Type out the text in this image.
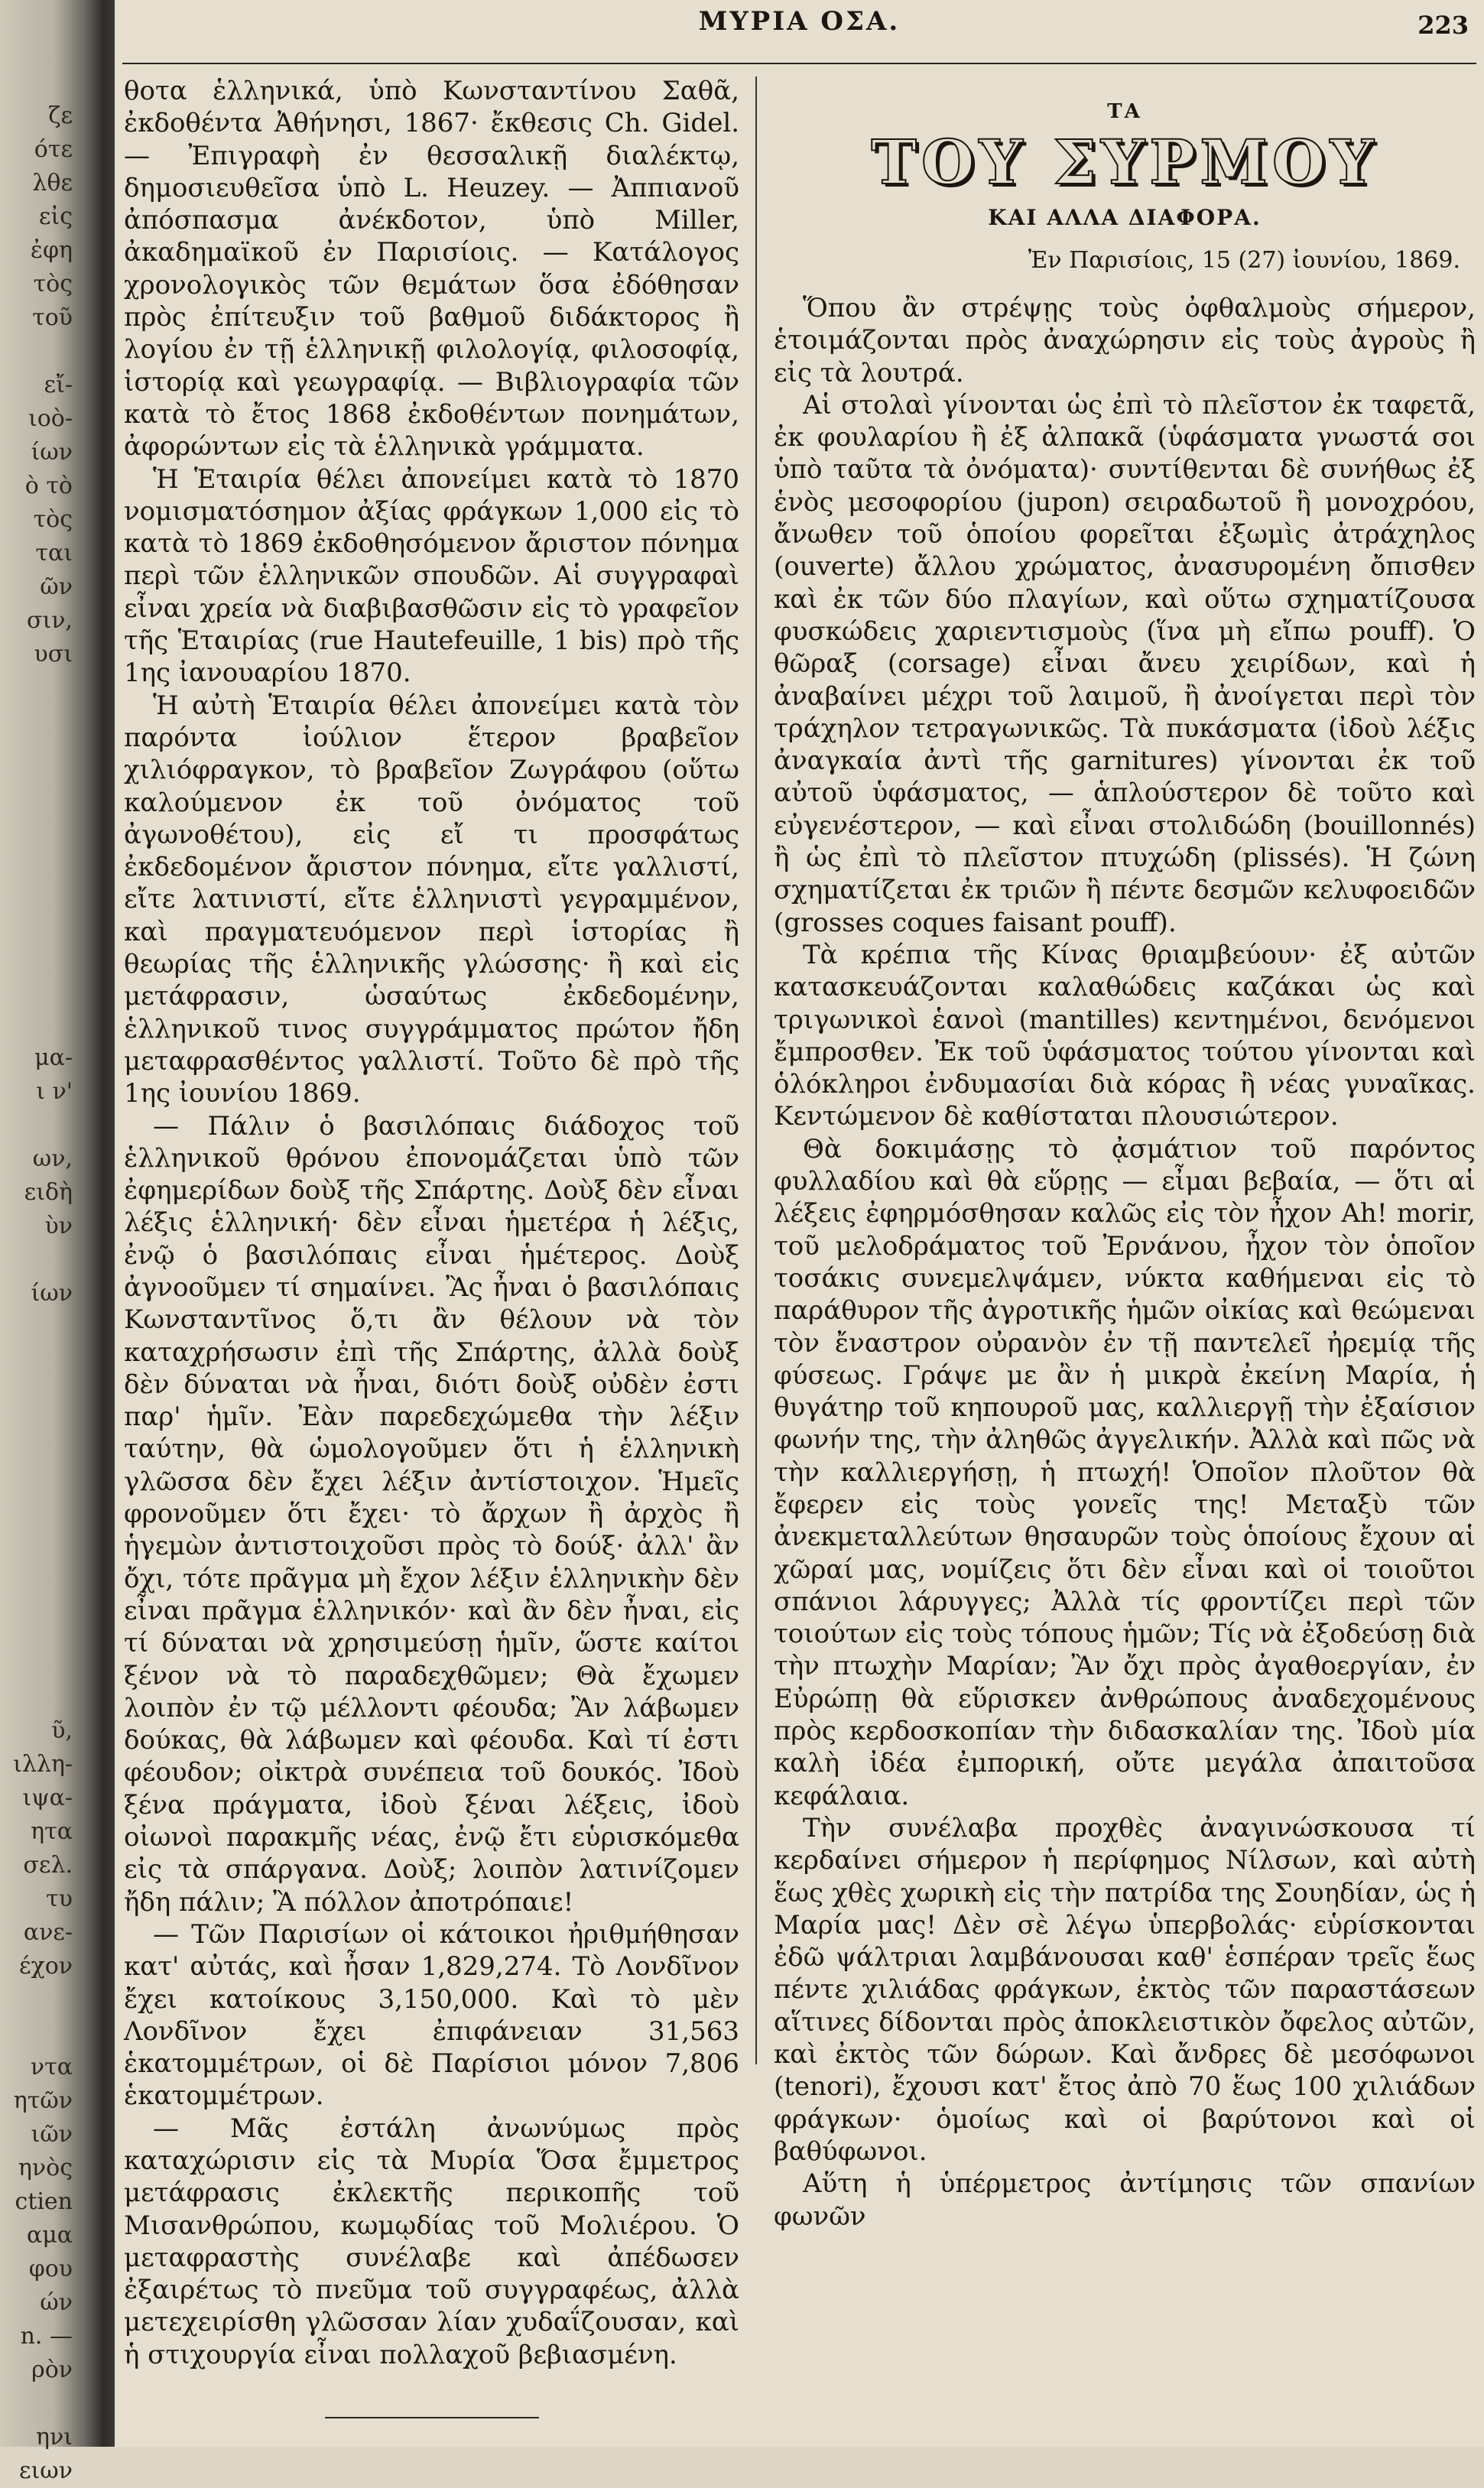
ζε
ότε
λθε
εἰς
ἐφη
τὸς
τοῦ
εἴ-
ιοὸ-
ίων
ὸ τὸ
τὸς
ται
ῶν
σιν,
υσι
μα-
ι ν'
ων,
ειδὴ
ὺν
ίων
ῦ,
ιλλη-
ιψα-
ητα
σελ.
τυ
ανε-
έχον
ντα
ητῶν
ιῶν
ηνὸς
ctien
αμα
φου
ών
n. —
ρὸν
ηνι
ειων
ΜΥΡΙΑ ΟΣΑ.	223

θοτα ἑλληνικά, ὑπὸ Κωνσταντίνου Σαθᾶ, ἐκδοθέντα Ἀθήνησι, 1867· ἔκθεσις Ch. Gidel. — Ἐπιγραφὴ ἐν θεσσαλικῇ διαλέκτῳ, δημοσιευθεῖσα ὑπὸ L. Heuzey. — Ἀππιανοῦ ἀπόσπασμα ἀνέκδοτον, ὑπὸ Miller, ἀκαδημαϊκοῦ ἐν Παρισίοις. — Κατάλογος χρονολογικὸς τῶν θεμάτων ὅσα ἐδόθησαν πρὸς ἐπίτευξιν τοῦ βαθμοῦ διδάκτορος ἢ λογίου ἐν τῇ ἑλληνικῇ φιλολογίᾳ, φιλοσοφίᾳ, ἱστορίᾳ καὶ γεωγραφίᾳ. — Βιβλιογραφία τῶν κατὰ τὸ ἔτος 1868 ἐκδοθέντων πονημάτων, ἀφορώντων εἰς τὰ ἑλληνικὰ γράμματα.

Ἡ Ἑταιρία θέλει ἀπονείμει κατὰ τὸ 1870 νομισματόσημον ἀξίας φράγκων 1,000 εἰς τὸ κατὰ τὸ 1869 ἐκδοθησόμενον ἄριστον πόνημα περὶ τῶν ἑλληνικῶν σπουδῶν. Αἱ συγγραφαὶ εἶναι χρεία νὰ διαβιβασθῶσιν εἰς τὸ γραφεῖον τῆς Ἑταιρίας (rue Hautefeuille, 1 bis) πρὸ τῆς 1ης ἰανουαρίου 1870.

Ἡ αὐτὴ Ἑταιρία θέλει ἀπονείμει κατὰ τὸν παρόντα ἰούλιον ἕτερον βραβεῖον χιλιόφραγκον, τὸ βραβεῖον Ζωγράφου (οὕτω καλούμενον ἐκ τοῦ ὀνόματος τοῦ ἀγωνοθέτου), εἰς εἴ τι προσφάτως ἐκδεδομένον ἄριστον πόνημα, εἴτε γαλλιστί, εἴτε λατινιστί, εἴτε ἑλληνιστὶ γεγραμμένον, καὶ πραγματευόμενον περὶ ἱστορίας ἢ θεωρίας τῆς ἑλληνικῆς γλώσσης· ἢ καὶ εἰς μετάφρασιν, ὡσαύτως ἐκδεδομένην, ἑλληνικοῦ τινος συγγράμματος πρώτον ἤδη μεταφρασθέντος γαλλιστί. Τοῦτο δὲ πρὸ τῆς 1ης ἰουνίου 1869.

— Πάλιν ὁ βασιλόπαις διάδοχος τοῦ ἑλληνικοῦ θρόνου ἐπονομάζεται ὑπὸ τῶν ἐφημερίδων δοὺξ τῆς Σπάρτης. Δοὺξ δὲν εἶναι λέξις ἑλληνική· δὲν εἶναι ἡμετέρα ἡ λέξις, ἐνῷ ὁ βασιλόπαις εἶναι ἡμέτερος. Δοὺξ ἀγνοοῦμεν τί σημαίνει. Ἂς ἦναι ὁ βασιλόπαις Κωνσταντῖνος ὅ,τι ἂν θέλουν νὰ τὸν καταχρήσωσιν ἐπὶ τῆς Σπάρτης, ἀλλὰ δοὺξ δὲν δύναται νὰ ἦναι, διότι δοὺξ οὐδὲν ἐστι παρ' ἡμῖν. Ἐὰν παρεδεχώμεθα τὴν λέξιν ταύτην, θὰ ὡμολογοῦμεν ὅτι ἡ ἑλληνικὴ γλῶσσα δὲν ἔχει λέξιν ἀντίστοιχον. Ἡμεῖς φρονοῦμεν ὅτι ἔχει· τὸ ἄρχων ἢ ἀρχὸς ἢ ἡγεμὼν ἀντιστοιχοῦσι πρὸς τὸ δούξ· ἀλλ' ἂν ὄχι, τότε πρᾶγμα μὴ ἔχον λέξιν ἑλληνικὴν δὲν εἶναι πρᾶγμα ἑλληνικόν· καὶ ἂν δὲν ἦναι, εἰς τί δύναται νὰ χρησιμεύσῃ ἡμῖν, ὥστε καίτοι ξένον νὰ τὸ παραδεχθῶμεν; Θὰ ἔχωμεν λοιπὸν ἐν τῷ μέλλοντι φέουδα; Ἂν λάβωμεν δούκας, θὰ λάβωμεν καὶ φέουδα. Καὶ τί ἐστι φέουδον; οἰκτρὰ συνέπεια τοῦ δουκός. Ἰδοὺ ξένα πράγματα, ἰδοὺ ξέναι λέξεις, ἰδοὺ οἰωνοὶ παρακμῆς νέας, ἐνῷ ἔτι εὑρισκόμεθα εἰς τὰ σπάργανα. Δοὺξ; λοιπὸν λατινίζομεν ἤδη πάλιν; Ἂ πόλλον ἀποτρόπαιε!

— Τῶν Παρισίων οἱ κάτοικοι ἠριθμήθησαν κατ' αὐτάς, καὶ ἦσαν 1,829,274. Τὸ Λονδῖνον ἔχει κατοίκους 3,150,000. Καὶ τὸ μὲν Λονδῖνον ἔχει ἐπιφάνειαν 31,563 ἑκατομμέτρων, οἱ δὲ Παρίσιοι μόνον 7,806 ἑκατομμέτρων.

— Μᾶς ἐστάλη ἀνωνύμως πρὸς καταχώρισιν εἰς τὰ Μυρία Ὅσα ἔμμετρος μετάφρασις ἐκλεκτῆς περικοπῆς τοῦ Μισανθρώπου, κωμῳδίας τοῦ Μολιέρου. Ὁ μεταφραστὴς συνέλαβε καὶ ἀπέδωσεν ἐξαιρέτως τὸ πνεῦμα τοῦ συγγραφέως, ἀλλὰ μετεχειρίσθη γλῶσσαν λίαν χυδαΐζουσαν, καὶ ἡ στιχουργία εἶναι πολλαχοῦ βεβιασμένη.

ΤΑ
ΤΟΥ ΣΥΡΜΟΥ
ΚΑΙ ΑΛΛΑ ΔΙΑΦΟΡΑ.
Ἐν Παρισίοις, 15 (27) ἰουνίου, 1869.

Ὅπου ἂν στρέψῃς τοὺς ὀφθαλμοὺς σήμερον, ἑτοιμάζονται πρὸς ἀναχώρησιν εἰς τοὺς ἀγροὺς ἢ εἰς τὰ λουτρά.

Αἱ στολαὶ γίνονται ὡς ἐπὶ τὸ πλεῖστον ἐκ ταφετᾶ, ἐκ φουλαρίου ἢ ἐξ ἀλπακᾶ (ὑφάσματα γνωστά σοι ὑπὸ ταῦτα τὰ ὀνόματα)· συντίθενται δὲ συνήθως ἐξ ἑνὸς μεσοφορίου (jupon) σειραδωτοῦ ἢ μονοχρόου, ἄνωθεν τοῦ ὁποίου φορεῖται ἐξωμὶς ἀτράχηλος (ouverte) ἄλλου χρώματος, ἀνασυρομένη ὄπισθεν καὶ ἐκ τῶν δύο πλαγίων, καὶ οὕτω σχηματίζουσα φυσκώδεις χαριεντισμοὺς (ἵνα μὴ εἴπω pouff). Ὁ θῶραξ (corsage) εἶναι ἄνευ χειρίδων, καὶ ἡ ἀναβαίνει μέχρι τοῦ λαιμοῦ, ἢ ἀνοίγεται περὶ τὸν τράχηλον τετραγωνικῶς. Τὰ πυκάσματα (ἰδοὺ λέξις ἀναγκαία ἀντὶ τῆς garnitures) γίνονται ἐκ τοῦ αὐτοῦ ὑφάσματος, — ἁπλούστερον δὲ τοῦτο καὶ εὐγενέστερον, — καὶ εἶναι στολιδώδη (bouillonnés) ἢ ὡς ἐπὶ τὸ πλεῖστον πτυχώδη (plissés). Ἡ ζώνη σχηματίζεται ἐκ τριῶν ἢ πέντε δεσμῶν κελυφοειδῶν (grosses coques faisant pouff).

Τὰ κρέπια τῆς Κίνας θριαμβεύουν· ἐξ αὐτῶν κατασκευάζονται καλαθώδεις καζάκαι ὡς καὶ τριγωνικοὶ ἑανοὶ (mantilles) κεντημένοι, δενόμενοι ἔμπροσθεν. Ἐκ τοῦ ὑφάσματος τούτου γίνονται καὶ ὁλόκληροι ἐνδυμασίαι διὰ κόρας ἢ νέας γυναῖκας. Κεντώμενον δὲ καθίσταται πλουσιώτερον.

Θὰ δοκιμάσῃς τὸ ᾀσμάτιον τοῦ παρόντος φυλλαδίου καὶ θὰ εὕρῃς — εἶμαι βεβαία, — ὅτι αἱ λέξεις ἐφηρμόσθησαν καλῶς εἰς τὸν ἦχον Ah! morir, τοῦ μελοδράματος τοῦ Ἐρνάνου, ἦχον τὸν ὁποῖον τοσάκις συνεμελψάμεν, νύκτα καθήμεναι εἰς τὸ παράθυρον τῆς ἀγροτικῆς ἡμῶν οἰκίας καὶ θεώμεναι τὸν ἔναστρον οὐρανὸν ἐν τῇ παντελεῖ ἠρεμίᾳ τῆς φύσεως. Γράψε με ἂν ἡ μικρὰ ἐκείνη Μαρία, ἡ θυγάτηρ τοῦ κηπουροῦ μας, καλλιεργῇ τὴν ἐξαίσιον φωνήν της, τὴν ἀληθῶς ἀγγελικήν. Ἀλλὰ καὶ πῶς νὰ τὴν καλλιεργήσῃ, ἡ πτωχή! Ὁποῖον πλοῦτον θὰ ἔφερεν εἰς τοὺς γονεῖς της! Μεταξὺ τῶν ἀνεκμεταλλεύτων θησαυρῶν τοὺς ὁποίους ἔχουν αἱ χῶραί μας, νομίζεις ὅτι δὲν εἶναι καὶ οἱ τοιοῦτοι σπάνιοι λάρυγγες; Ἀλλὰ τίς φροντίζει περὶ τῶν τοιούτων εἰς τοὺς τόπους ἡμῶν; Τίς νὰ ἐξοδεύσῃ διὰ τὴν πτωχὴν Μαρίαν; Ἂν ὄχι πρὸς ἀγαθοεργίαν, ἐν Εὐρώπῃ θὰ εὕρισκεν ἀνθρώπους ἀναδεχομένους πρὸς κερδοσκοπίαν τὴν διδασκαλίαν της. Ἰδοὺ μία καλὴ ἰδέα ἐμπορική, οὔτε μεγάλα ἀπαιτοῦσα κεφάλαια.

Τὴν συνέλαβα προχθὲς ἀναγινώσκουσα τί κερδαίνει σήμερον ἡ περίφημος Νίλσων, καὶ αὐτὴ ἕως χθὲς χωρικὴ εἰς τὴν πατρίδα της Σουηδίαν, ὡς ἡ Μαρία μας! Δὲν σὲ λέγω ὑπερβολάς· εὑρίσκονται ἐδῶ ψάλτριαι λαμβάνουσαι καθ' ἑσπέραν τρεῖς ἕως πέντε χιλιάδας φράγκων, ἐκτὸς τῶν παραστάσεων αἵτινες δίδονται πρὸς ἀποκλειστικὸν ὄφελος αὐτῶν, καὶ ἐκτὸς τῶν δώρων. Καὶ ἄνδρες δὲ μεσόφωνοι (tenori), ἔχουσι κατ' ἔτος ἀπὸ 70 ἕως 100 χιλιάδων φράγκων· ὁμοίως καὶ οἱ βαρύτονοι καὶ οἱ βαθύφωνοι.

Αὕτη ἡ ὑπέρμετρος ἀντίμησις τῶν σπανίων φωνῶν
